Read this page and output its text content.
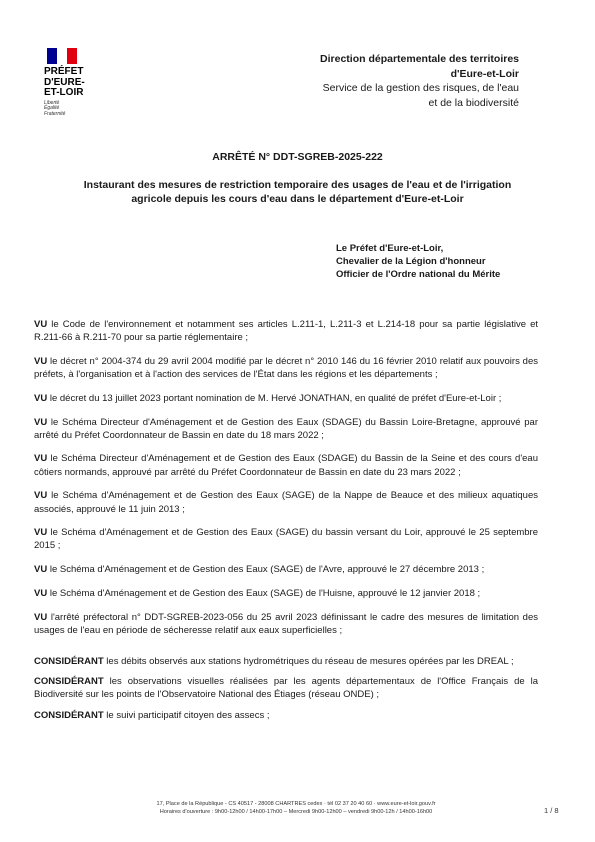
PRÉFET
D'EURE-
ET-LOIR
Liberté
Égalité
Fraternité
Direction départementale des territoires
d'Eure-et-Loir
Service de la gestion des risques, de l'eau
et de la biodiversité
ARRÊTÉ N° DDT-SGREB-2025-222
Instaurant des mesures de restriction temporaire des usages de l'eau et de l'irrigation agricole depuis les cours d'eau dans le département d'Eure-et-Loir
Le Préfet d'Eure-et-Loir,
Chevalier de la Légion d'honneur
Officier de l'Ordre national du Mérite

VU le Code de l'environnement et notamment ses articles L.211-1, L.211-3 et L.214-18 pour sa partie législative et R.211-66 à R.211-70 pour sa partie réglementaire ;

VU le décret n° 2004-374 du 29 avril 2004 modifié par le décret n° 2010 146 du 16 février 2010 relatif aux pouvoirs des préfets, à l'organisation et à l'action des services de l'État dans les régions et les départements ;

VU le décret du 13 juillet 2023 portant nomination de M. Hervé JONATHAN, en qualité de préfet d'Eure-et-Loir ;

VU le Schéma Directeur d'Aménagement et de Gestion des Eaux (SDAGE) du Bassin Loire-Bretagne, approuvé par arrêté du Préfet Coordonnateur de Bassin en date du 18 mars 2022 ;

VU le Schéma Directeur d'Aménagement et de Gestion des Eaux (SDAGE) du Bassin de la Seine et des cours d'eau côtiers normands, approuvé par arrêté du Préfet Coordonnateur de Bassin en date du 23 mars 2022 ;

VU le Schéma d'Aménagement et de Gestion des Eaux (SAGE) de la Nappe de Beauce et des milieux aquatiques associés, approuvé le 11 juin 2013 ;

VU le Schéma d'Aménagement et de Gestion des Eaux (SAGE) du bassin versant du Loir, approuvé le 25 septembre 2015 ;

VU le Schéma d'Aménagement et de Gestion des Eaux (SAGE) de l'Avre, approuvé le 27 décembre 2013 ;

VU le Schéma d'Aménagement et de Gestion des Eaux (SAGE) de l'Huisne, approuvé le 12 janvier 2018 ;

VU l'arrêté préfectoral n° DDT-SGREB-2023-056 du 25 avril 2023 définissant le cadre des mesures de limitation des usages de l'eau en période de sécheresse relatif aux eaux superficielles ;

CONSIDÉRANT les débits observés aux stations hydrométriques du réseau de mesures opérées par les DREAL ;

CONSIDÉRANT les observations visuelles réalisées par les agents départementaux de l'Office Français de la Biodiversité sur les points de l'Observatoire National des Étiages (réseau ONDE) ;

CONSIDÉRANT le suivi participatif citoyen des assecs ;

17, Place de la République - CS 40517 - 28008 CHARTRES cedex · tél 02 37 20 40 60 · www.eure-et-loir.gouv.fr
Horaires d'ouverture : 9h00-12h00 / 14h00-17h00 – Mercredi 9h00-12h00 – vendredi 9h00-12h / 14h00-16h00	1 / 8
